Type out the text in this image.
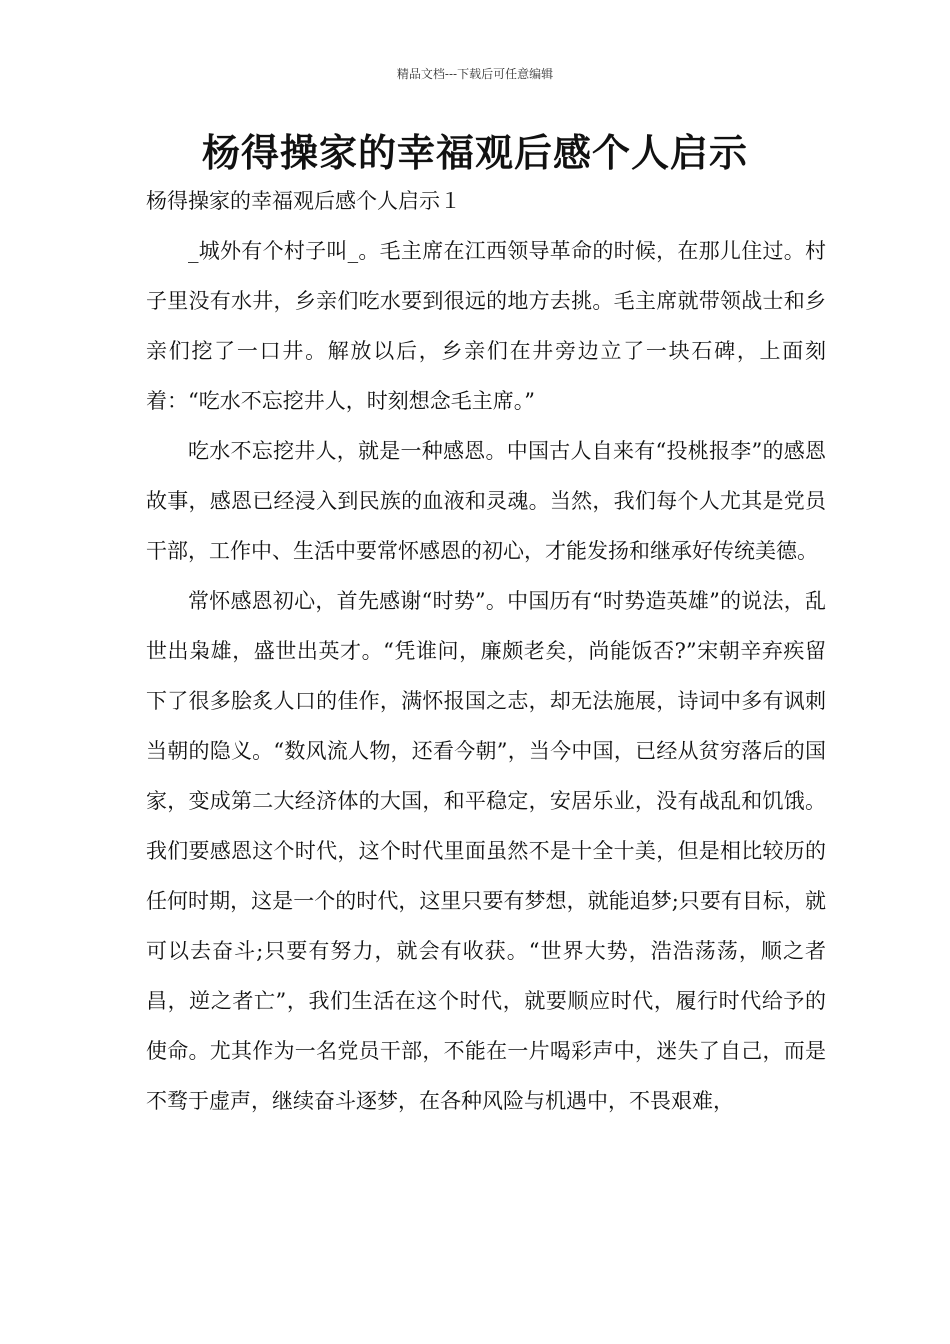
精品文档---下载后可任意编辑
杨得操家的幸福观后感个人启示
杨得操家的幸福观后感个人启示１

_城外有个村子叫_。毛主席在江西领导革命的时候，在那儿住过。村子里没有水井，乡亲们吃水要到很远的地方去挑。毛主席就带领战士和乡亲们挖了一口井。解放以后，乡亲们在井旁边立了一块石碑，上面刻着：“吃水不忘挖井人，时刻想念毛主席。”

吃水不忘挖井人，就是一种感恩。中国古人自来有“投桃报李”的感恩故事，感恩已经浸入到民族的血液和灵魂。当然，我们每个人尤其是党员干部，工作中、生活中要常怀感恩的初心，才能发扬和继承好传统美德。

常怀感恩初心，首先感谢“时势”。中国历有“时势造英雄”的说法，乱世出枭雄，盛世出英才。“凭谁问，廉颇老矣，尚能饭否?”宋朝辛弃疾留下了很多脍炙人口的佳作，满怀报国之志，却无法施展，诗词中多有讽刺当朝的隐义。“数风流人物，还看今朝”，当今中国，已经从贫穷落后的国家，变成第二大经济体的大国，和平稳定，安居乐业，没有战乱和饥饿。我们要感恩这个时代，这个时代里面虽然不是十全十美，但是相比较历的任何时期，这是一个的时代，这里只要有梦想，就能追梦;只要有目标，就可以去奋斗;只要有努力，就会有收获。“世界大势，浩浩荡荡，顺之者昌，逆之者亡”，我们生活在这个时代，就要顺应时代，履行时代给予的使命。尤其作为一名党员干部，不能在一片喝彩声中，迷失了自己，而是不骛于虚声，继续奋斗逐梦，在各种风险与机遇中，不畏艰难，
